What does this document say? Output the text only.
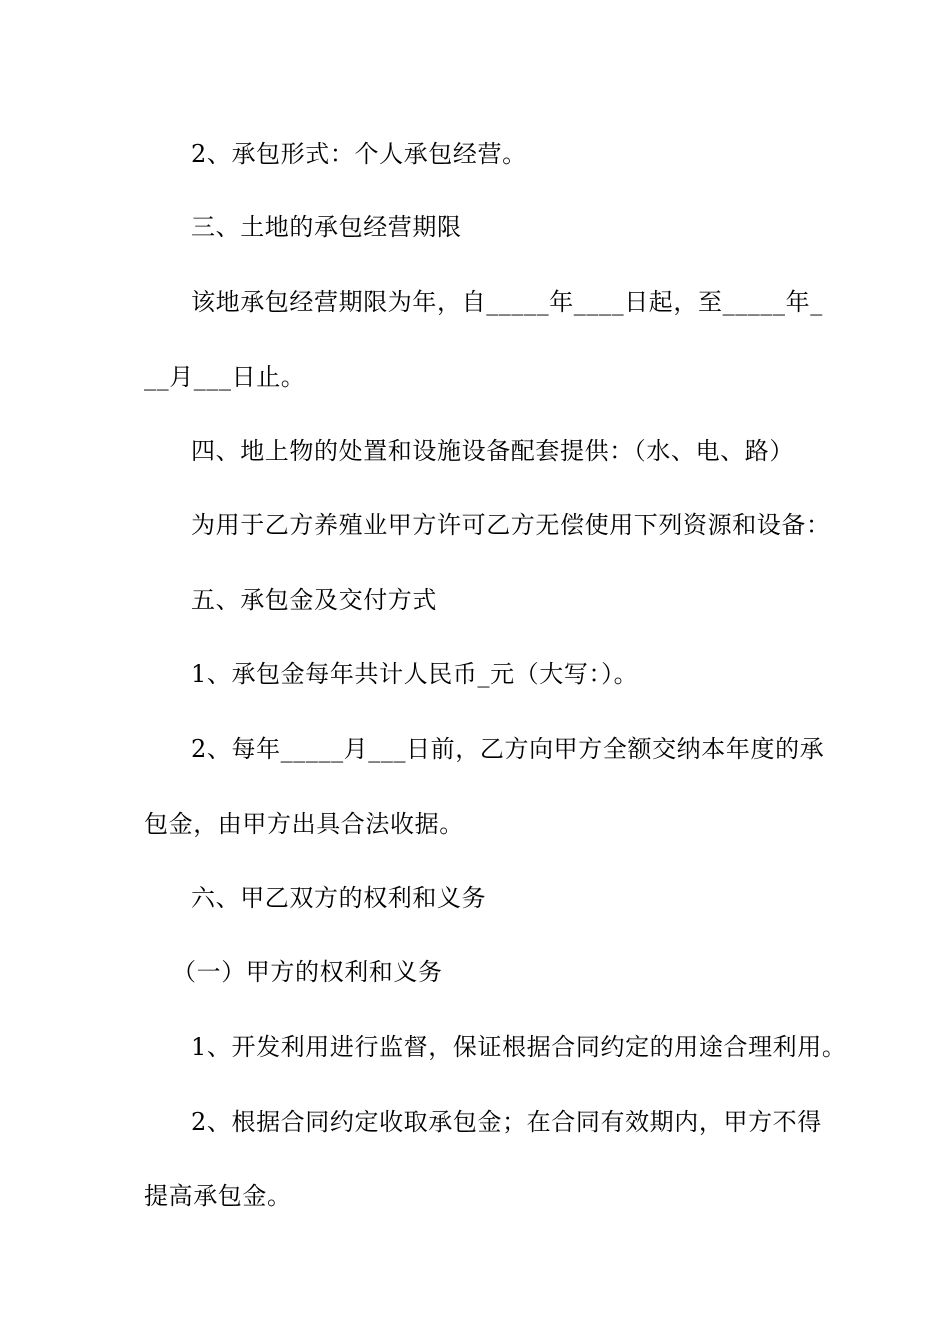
2、承包形式：个人承包经营。
三、土地的承包经营期限
该地承包经营期限为年，自_____年____日起，至_____年_
__月___日止。
四、地上物的处置和设施设备配套提供：（水、电、路）
为用于乙方养殖业甲方许可乙方无偿使用下列资源和设备：
五、承包金及交付方式
1、承包金每年共计人民币_元（大写：）。
2、每年_____月___日前，乙方向甲方全额交纳本年度的承
包金，由甲方出具合法收据。
六、甲乙双方的权利和义务
（一）甲方的权利和义务
1、开发利用进行监督，保证根据合同约定的用途合理利用。
2、根据合同约定收取承包金；在合同有效期内，甲方不得
提高承包金。
